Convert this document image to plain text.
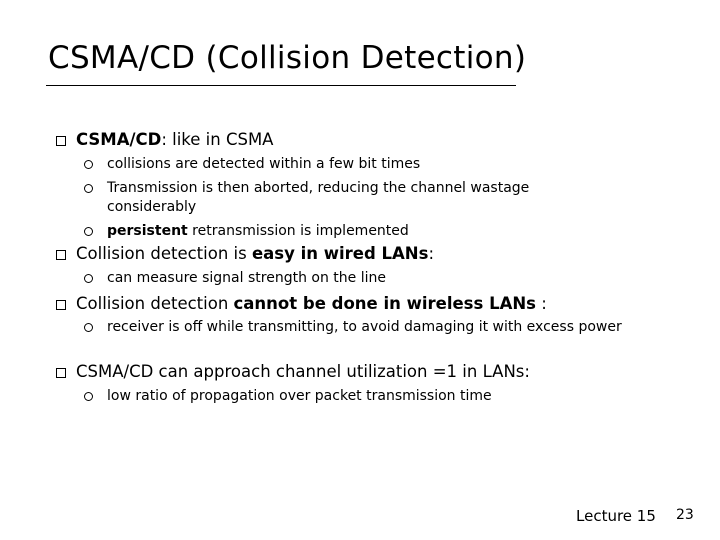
CSMA/CD (Collision Detection)
CSMA/CD: like in CSMA
collisions are detected within a few bit times
Transmission is then aborted, reducing the channel wastage considerably
persistent retransmission is implemented
Collision detection is easy in wired LANs:
can measure signal strength on the line
Collision detection cannot be done in wireless LANs :
receiver is off while transmitting, to avoid damaging it with excess power
CSMA/CD can approach channel utilization =1 in LANs:
low ratio of propagation over packet transmission time
Lecture 15 23
